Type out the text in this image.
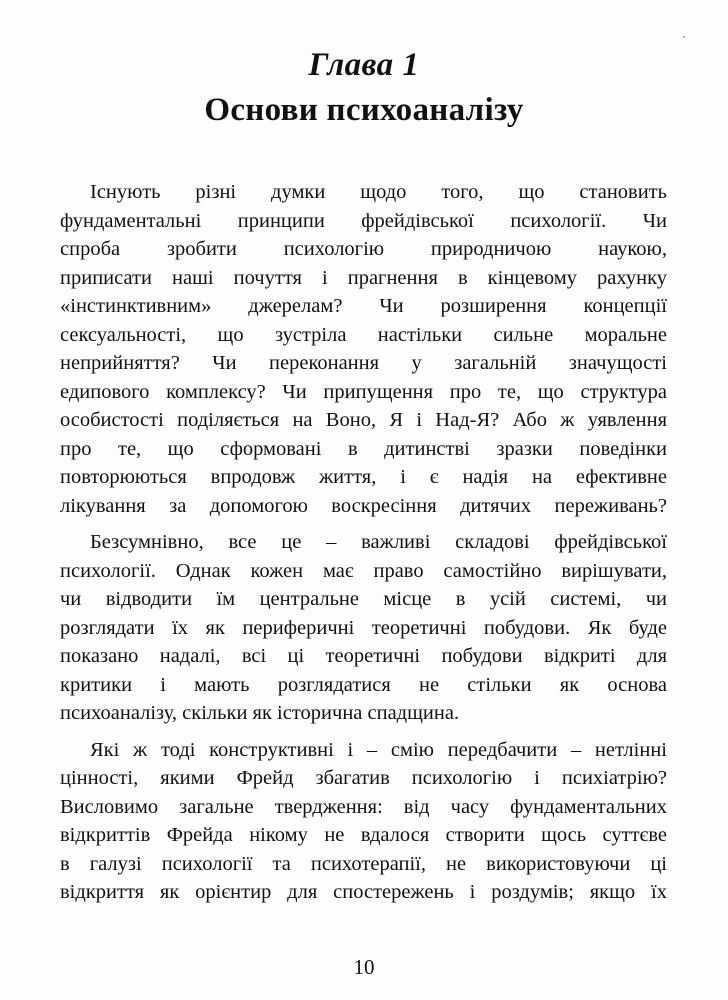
Глава 1
Основи психоаналізу
Існують різні думки щодо того, що становить
фундаментальні принципи фрейдівської психології. Чи
спроба зробити психологію природничою наукою,
приписати наші почуття і прагнення в кінцевому рахунку
«інстинктивним» джерелам? Чи розширення концепції
сексуальності, що зустріла настільки сильне моральне
неприйняття? Чи переконання у загальній значущості
едипового комплексу? Чи припущення про те, що структура
особистості поділяється на Воно, Я і Над-Я? Або ж уявлення
про те, що сформовані в дитинстві зразки поведінки
повторюються впродовж життя, і є надія на ефективне
лікування за допомогою воскресіння дитячих переживань?
Безсумнівно, все це – важливі складові фрейдівської
психології. Однак кожен має право самостійно вирішувати,
чи відводити їм центральне місце в усій системі, чи
розглядати їх як периферичні теоретичні побудови. Як буде
показано надалі, всі ці теоретичні побудови відкриті для
критики і мають розглядатися не стільки як основа
психоаналізу, скільки як історична спадщина.
Які ж тоді конструктивні і – смію передбачити – нетлінні
цінності, якими Фрейд збагатив психологію і психіатрію?
Висловимо загальне твердження: від часу фундаментальних
відкриттів Фрейда нікому не вдалося створити щось суттєве
в галузі психології та психотерапії, не використовуючи ці
відкриття як орієнтир для спостережень і роздумів; якщо їх
10
